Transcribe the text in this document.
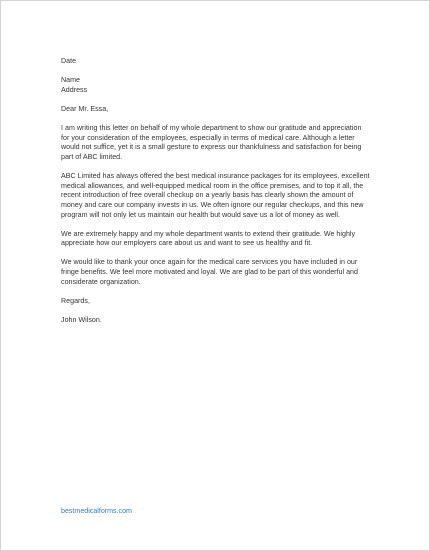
Date

Name

Address

Dear Mr. Essa,

I am writing this letter on behalf of my whole department to show our gratitude and appreciation

for your consideration of the employees, especially in terms of medical care. Although a letter

would not suffice, yet it is a small gesture to express our thankfulness and satisfaction for being

part of ABC limited.

ABC Limited has always offered the best medical insurance packages for its employees, excellent

medical allowances, and well-equipped medical room in the office premises, and to top it all, the

recent introduction of free overall checkup on a yearly basis has clearly shown the amount of

money and care our company invests in us. We often ignore our regular checkups, and this new

program will not only let us maintain our health but would save us a lot of money as well.

We are extremely happy and my whole department wants to extend their gratitude. We highly

appreciate how our employers care about us and want to see us healthy and fit.

We would like to thank your once again for the medical care services you have included in our

fringe benefits. We feel more motivated and loyal. We are glad to be part of this wonderful and

considerate organization.

Regards,

John Wilson.

bestmedicalforms.com
